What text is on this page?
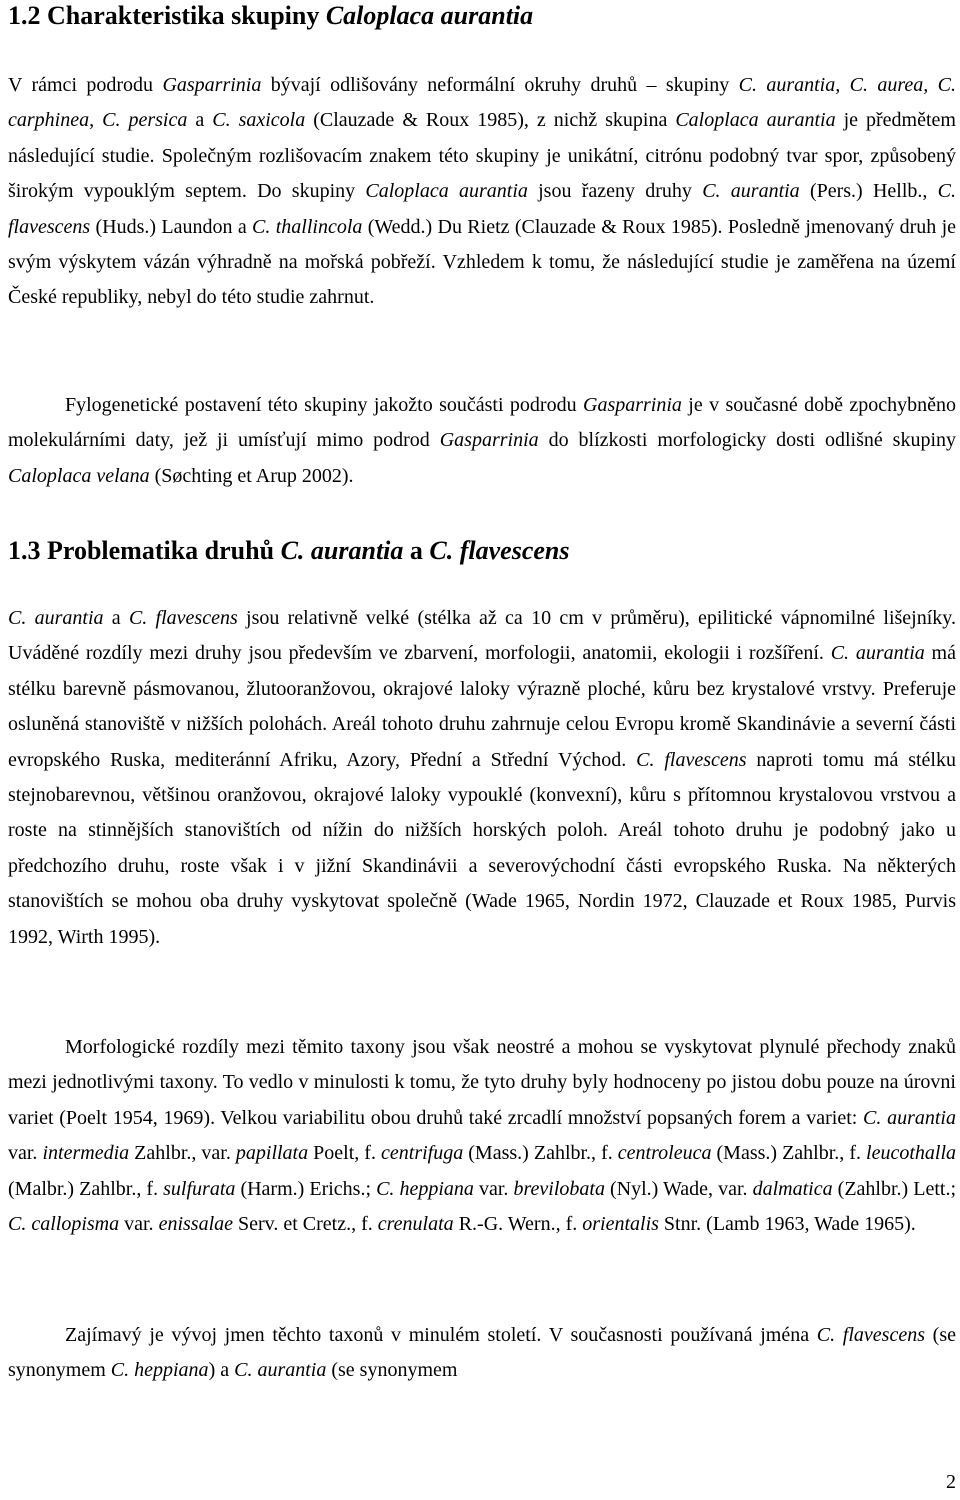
1.2 Charakteristika skupiny Caloplaca aurantia

V rámci podrodu Gasparrinia bývají odlišovány neformální okruhy druhů – skupiny C. aurantia, C. aurea, C. carphinea, C. persica a C. saxicola (Clauzade & Roux 1985), z nichž skupina Caloplaca aurantia je předmětem následující studie. Společným rozlišovacím znakem této skupiny je unikátní, citrónu podobný tvar spor, způsobený širokým vypouklým septem. Do skupiny Caloplaca aurantia jsou řazeny druhy C. aurantia (Pers.) Hellb., C. flavescens (Huds.) Laundon a C. thallincola (Wedd.) Du Rietz (Clauzade & Roux 1985). Posledně jmenovaný druh je svým výskytem vázán výhradně na mořská pobřeží. Vzhledem k tomu, že následující studie je zaměřena na území České republiky, nebyl do této studie zahrnut.

Fylogenetické postavení této skupiny jakožto součásti podrodu Gasparrinia je v současné době zpochybněno molekulárními daty, jež ji umísťují mimo podrod Gasparrinia do blízkosti morfologicky dosti odlišné skupiny Caloplaca velana (Søchting et Arup 2002).

1.3 Problematika druhů C. aurantia a C. flavescens

C. aurantia a C. flavescens jsou relativně velké (stélka až ca 10 cm v průměru), epilitické vápnomilné lišejníky. Uváděné rozdíly mezi druhy jsou především ve zbarvení, morfologii, anatomii, ekologii i rozšíření. C. aurantia má stélku barevně pásmovanou, žlutooranžovou, okrajové laloky výrazně ploché, kůru bez krystalové vrstvy. Preferuje osluněná stanoviště v nižších polohách. Areál tohoto druhu zahrnuje celou Evropu kromě Skandinávie a severní části evropského Ruska, mediteránní Afriku, Azory, Přední a Střední Východ. C. flavescens naproti tomu má stélku stejnobarevnou, většinou oranžovou, okrajové laloky vypouklé (konvexní), kůru s přítomnou krystalovou vrstvou a roste na stinnějších stanovištích od nížin do nižších horských poloh. Areál tohoto druhu je podobný jako u předchozího druhu, roste však i v jižní Skandinávii a severovýchodní části evropského Ruska. Na některých stanovištích se mohou oba druhy vyskytovat společně (Wade 1965, Nordin 1972, Clauzade et Roux 1985, Purvis 1992, Wirth 1995).

Morfologické rozdíly mezi těmito taxony jsou však neostré a mohou se vyskytovat plynulé přechody znaků mezi jednotlivými taxony. To vedlo v minulosti k tomu, že tyto druhy byly hodnoceny po jistou dobu pouze na úrovni variet (Poelt 1954, 1969). Velkou variabilitu obou druhů také zrcadlí množství popsaných forem a variet: C. aurantia var. intermedia Zahlbr., var. papillata Poelt, f. centrifuga (Mass.) Zahlbr., f. centroleuca (Mass.) Zahlbr., f. leucothalla (Malbr.) Zahlbr., f. sulfurata (Harm.) Erichs.; C. heppiana var. brevilobata (Nyl.) Wade, var. dalmatica (Zahlbr.) Lett.; C. callopisma var. enissalae Serv. et Cretz., f. crenulata R.-G. Wern., f. orientalis Stnr. (Lamb 1963, Wade 1965).

Zajímavý je vývoj jmen těchto taxonů v minulém století. V současnosti používaná jména C. flavescens (se synonymem C. heppiana) a C. aurantia (se synonymem

2
